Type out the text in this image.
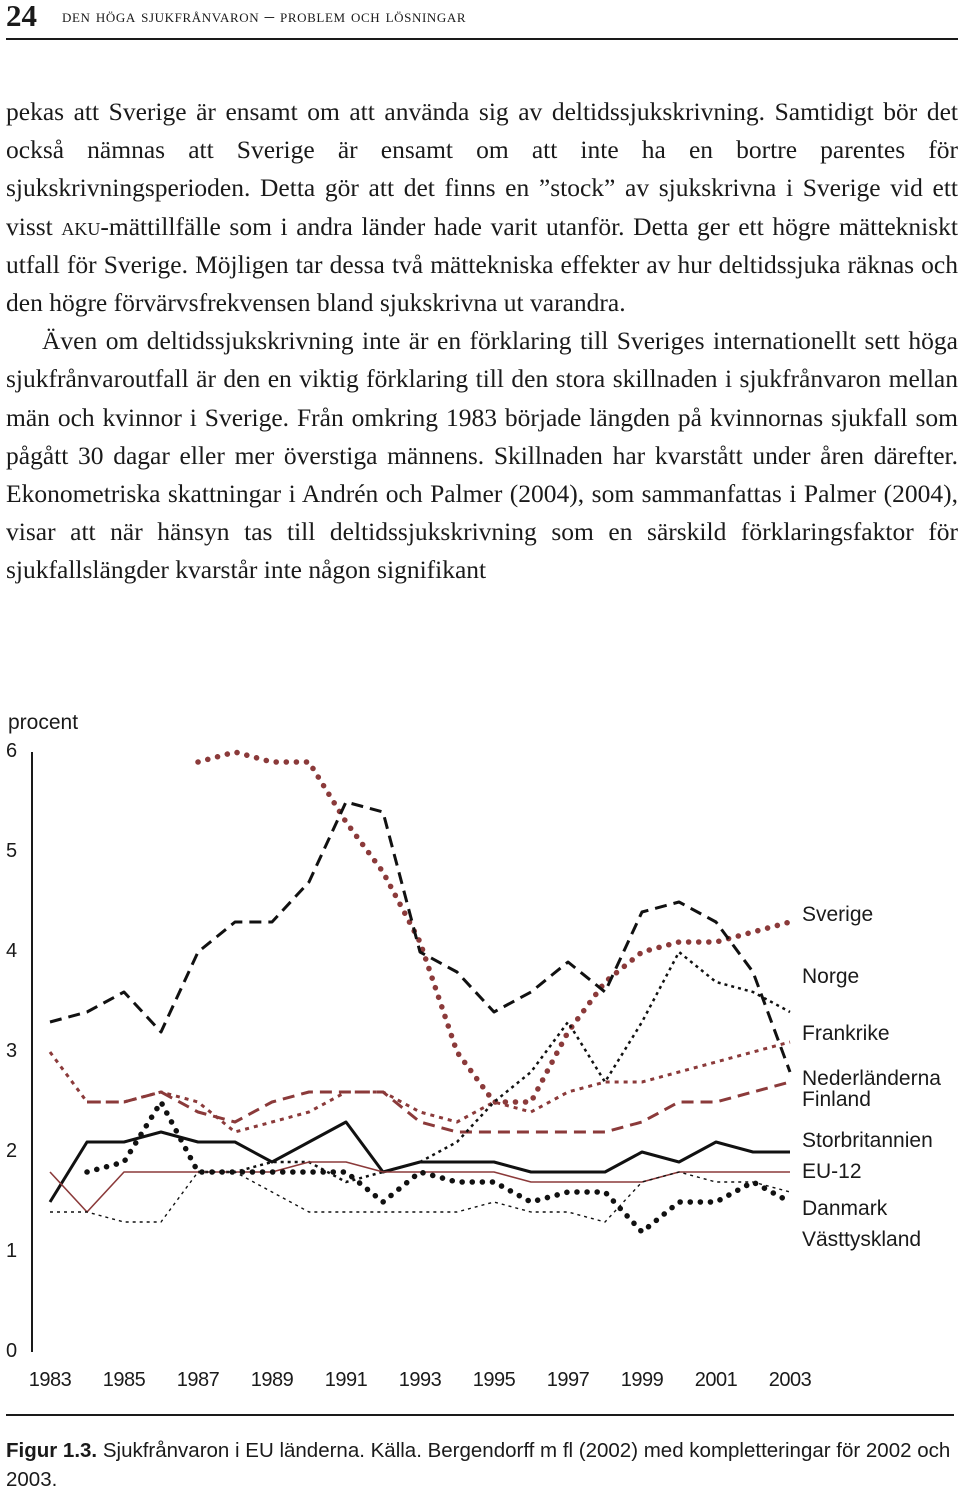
24 den höga sjukfrånvaron – problem och lösningar

pekas att Sverige är ensamt om att använda sig av deltidssjukskrivning. Samtidigt bör det också nämnas att Sverige är ensamt om att inte ha en bortre parentes för sjukskrivningsperioden. Detta gör att det finns en ”stock” av sjukskrivna i Sverige vid ett visst aku-mättillfälle som i andra länder hade varit utanför. Detta ger ett högre mättekniskt utfall för Sverige. Möjligen tar dessa två mättekniska effekter av hur deltidssjuka räknas och den högre förvärvsfrekvensen bland sjukskrivna ut varandra.

Även om deltidssjukskrivning inte är en förklaring till Sveriges internationellt sett höga sjukfrånvaroutfall är den en viktig förklaring till den stora skillnaden i sjukfrånvaron mellan män och kvinnor i Sverige. Från omkring 1983 började längden på kvinnornas sjukfall som pågått 30 dagar eller mer överstiga männens. Skillnaden har kvarstått under åren därefter. Ekonometriska skattningar i Andrén och Palmer (2004), som sammanfattas i Palmer (2004), visar att när hänsyn tas till deltidssjukskrivning som en särskild förklaringsfaktor för sjukfallslängder kvarstår inte någon signifikant

procent
6
5
4
3
2
1
0
1983 1985 1987 1989 1991 1993 1995 1997 1999 2001 2003
Sverige
Norge
Frankrike
Nederländerna
Finland
Storbritannien
EU-12
Danmark
Västtyskland
Figur 1.3. Sjukfrånvaron i EU länderna. Källa. Bergendorff m fl (2002) med kompletteringar för 2002 och 2003.
